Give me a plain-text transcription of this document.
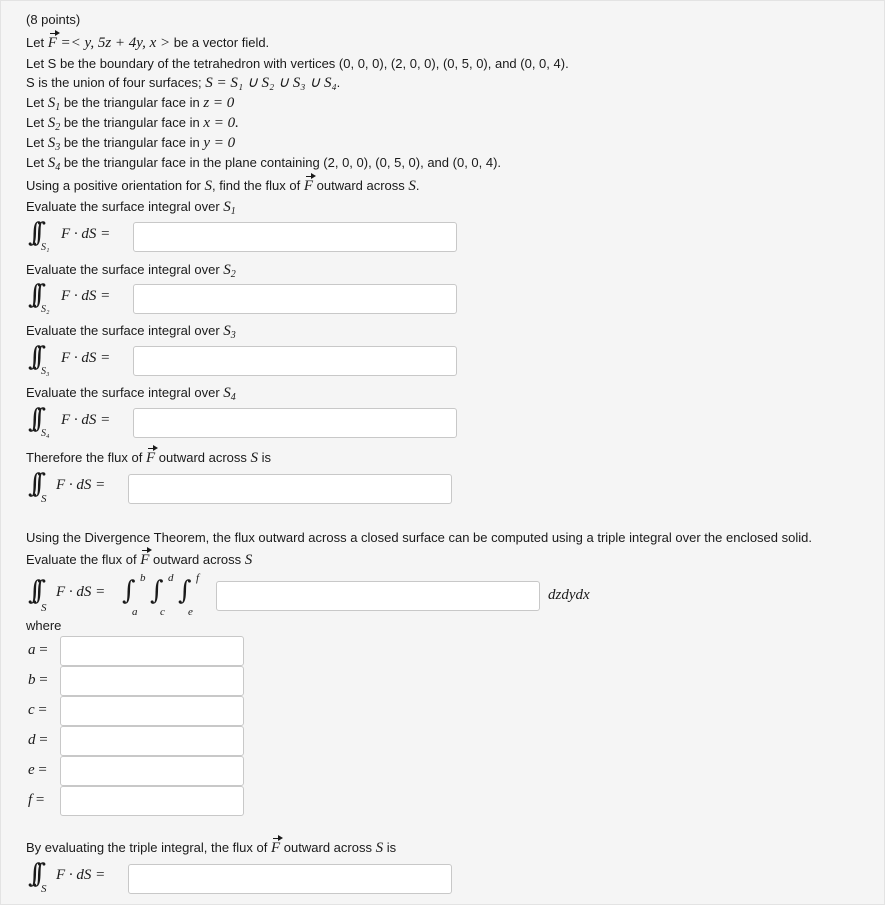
(8 points)
Let F =< y, 5z + 4y, x > be a vector field.
Let S be the boundary of the tetrahedron with vertices (0, 0, 0), (2, 0, 0), (0, 5, 0), and (0, 0, 4).
S is the union of four surfaces; S = S₁ ∪ S₂ ∪ S₃ ∪ S₄.
Let $S_1$ be the triangular face in z = 0
Let $S_2$ be the triangular face in x = 0.
Let $S_3$ be the triangular face in y = 0
Let $S_4$ be the triangular face in the plane containing (2, 0, 0), (0, 5, 0), and (0, 0, 4).
Using a positive orientation for S, find the flux of F outward across S.
Evaluate the surface integral over $S_1$
∫∫ S₁
F · dS =
Evaluate the surface integral over $S_2$
∫∫ S₂
F · dS =
Evaluate the surface integral over $S_3$
∫∫ S₃
F · dS =
Evaluate the surface integral over $S_4$
∫∫ S₄
F · dS =
Therefore the flux of F outward across S is
∫∫ S
F · dS =
Using the Divergence Theorem, the flux outward across a closed surface can be computed using a triple integral over the enclosed solid.
Evaluate the flux of F outward across S
∫∫
S
F · dS = ∫ b
a
∫ d
c
∫ f
e
dzdydx
where
a =
b =
c =
d =
e =
f =
By evaluating the triple integral, the flux of F outward across S is
∫∫ S
F · dS =
